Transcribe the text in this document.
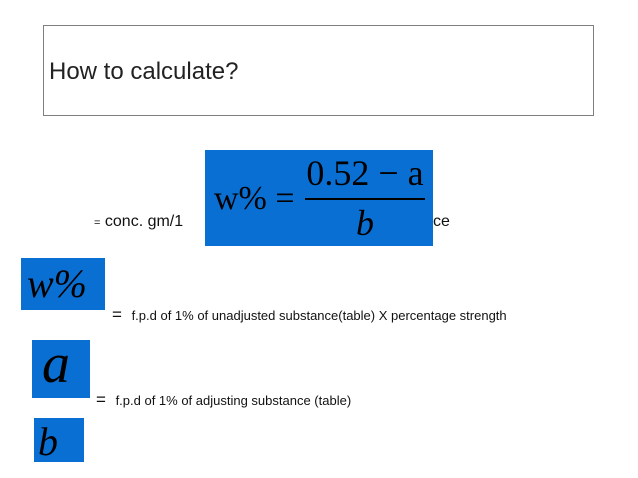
How to calculate?
= conc. gm/1	ce
w% =
0.52 − a
b
w%
= f.p.d of 1% of unadjusted substance(table) X percentage strength
a
= f.p.d of 1% of adjusting substance (table)
b
